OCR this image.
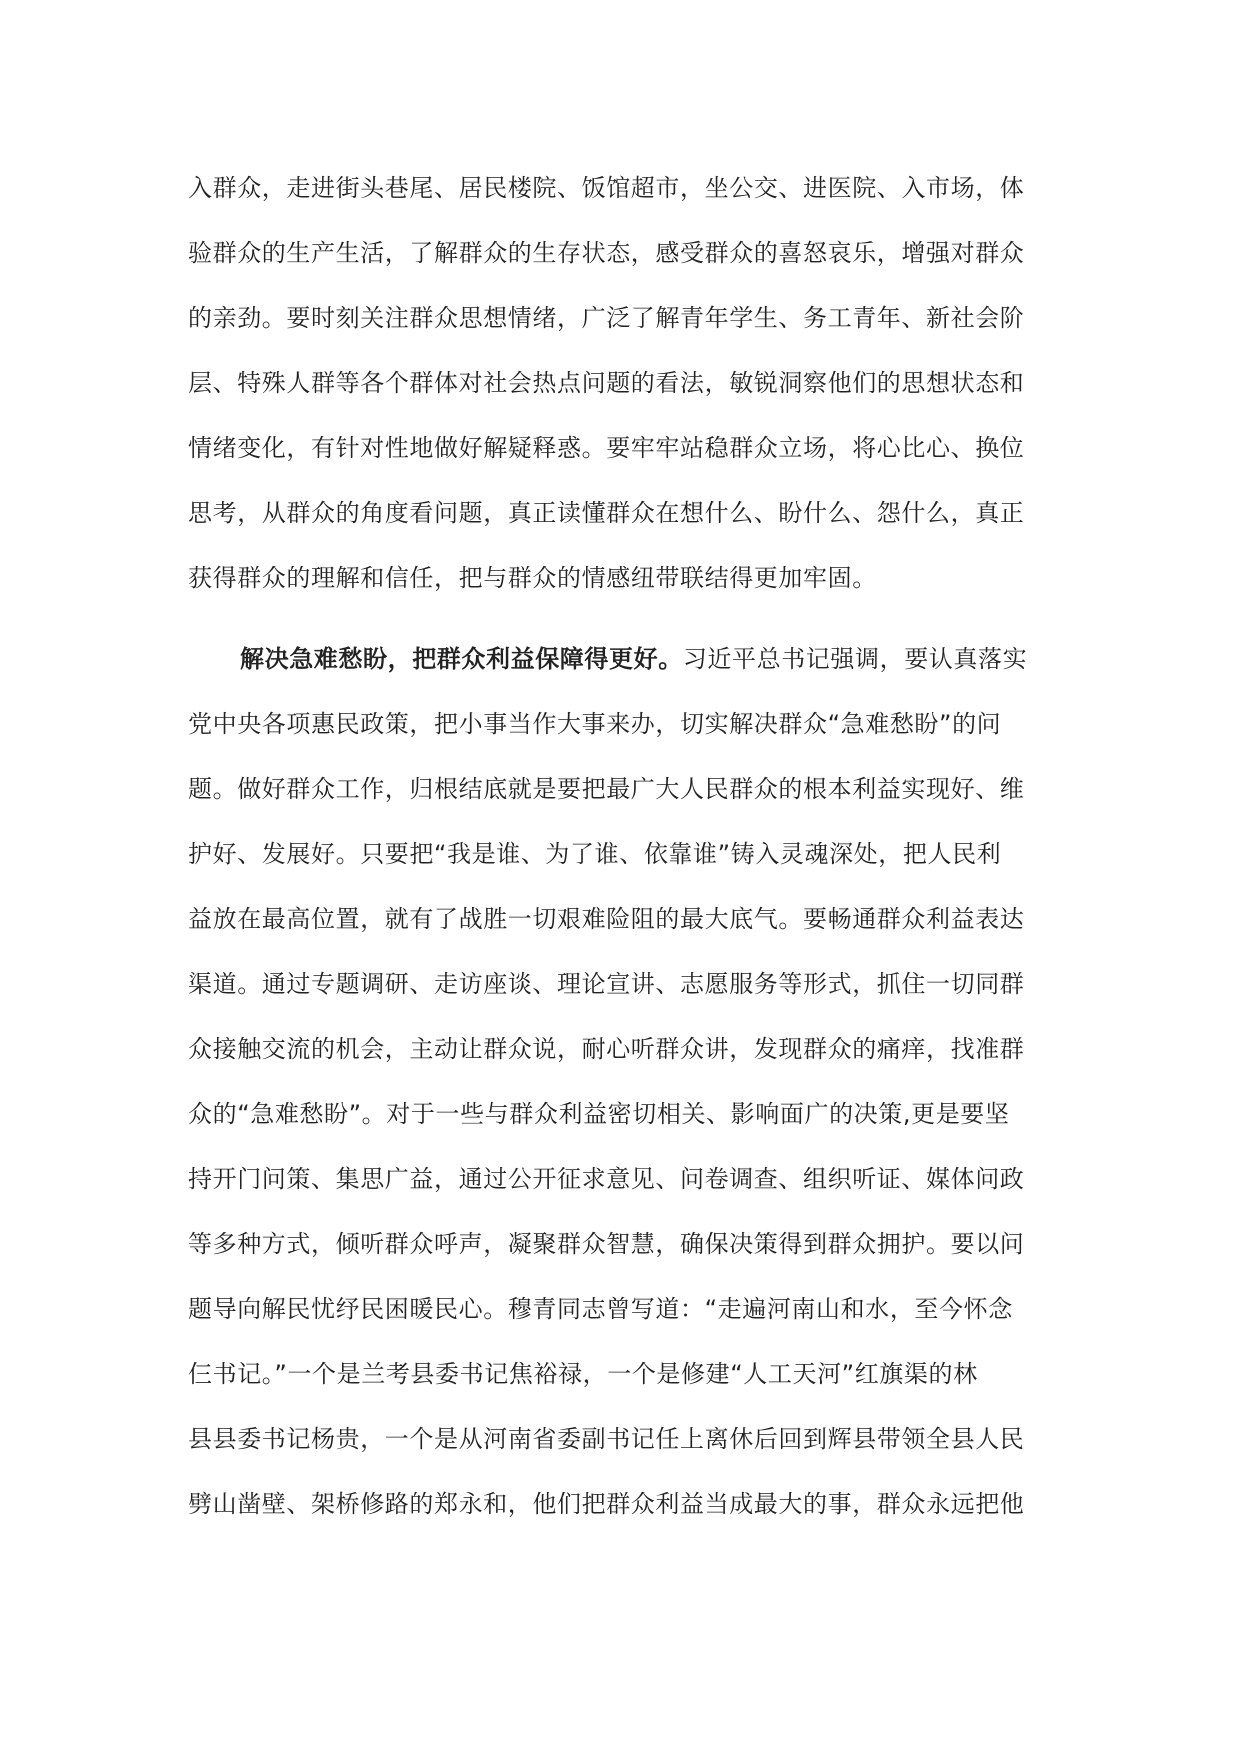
入群众，走进街头巷尾、居民楼院、饭馆超市，坐公交、进医院、入市场，体
验群众的生产生活，了解群众的生存状态，感受群众的喜怒哀乐，增强对群众
的亲劲。要时刻关注群众思想情绪，广泛了解青年学生、务工青年、新社会阶
层、特殊人群等各个群体对社会热点问题的看法，敏锐洞察他们的思想状态和
情绪变化，有针对性地做好解疑释惑。要牢牢站稳群众立场，将心比心、换位
思考，从群众的角度看问题，真正读懂群众在想什么、盼什么、怨什么，真正
获得群众的理解和信任，把与群众的情感纽带联结得更加牢固。
解决急难愁盼，把群众利益保障得更好。习近平总书记强调，要认真落实
党中央各项惠民政策，把小事当作大事来办，切实解决群众“急难愁盼”的问
题。做好群众工作，归根结底就是要把最广大人民群众的根本利益实现好、维
护好、发展好。只要把“我是谁、为了谁、依靠谁”铸入灵魂深处，把人民利
益放在最高位置，就有了战胜一切艰难险阻的最大底气。要畅通群众利益表达
渠道。通过专题调研、走访座谈、理论宣讲、志愿服务等形式，抓住一切同群
众接触交流的机会，主动让群众说，耐心听群众讲，发现群众的痛痒，找准群
众的“急难愁盼”。对于一些与群众利益密切相关、影响面广的决策,更是要坚
持开门问策、集思广益，通过公开征求意见、问卷调查、组织听证、媒体问政
等多种方式，倾听群众呼声，凝聚群众智慧，确保决策得到群众拥护。要以问
题导向解民忧纾民困暖民心。穆青同志曾写道：“走遍河南山和水，至今怀念
仨书记。”一个是兰考县委书记焦裕禄，一个是修建“人工天河”红旗渠的林
县县委书记杨贵，一个是从河南省委副书记任上离休后回到辉县带领全县人民
劈山凿壁、架桥修路的郑永和，他们把群众利益当成最大的事，群众永远把他
